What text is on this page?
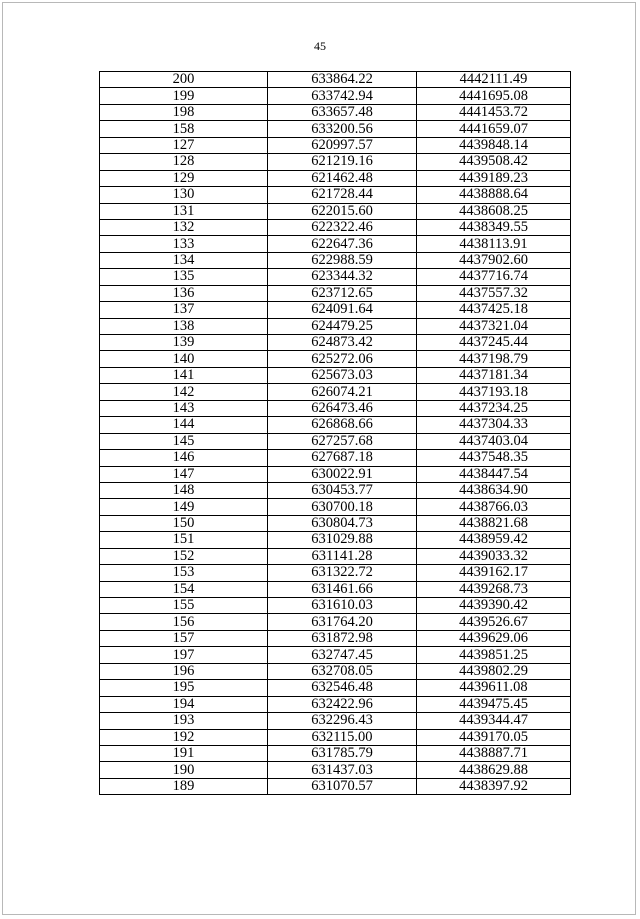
45
200	633864.22	4442111.49
199	633742.94	4441695.08
198	633657.48	4441453.72
158	633200.56	4441659.07
127	620997.57	4439848.14
128	621219.16	4439508.42
129	621462.48	4439189.23
130	621728.44	4438888.64
131	622015.60	4438608.25
132	622322.46	4438349.55
133	622647.36	4438113.91
134	622988.59	4437902.60
135	623344.32	4437716.74
136	623712.65	4437557.32
137	624091.64	4437425.18
138	624479.25	4437321.04
139	624873.42	4437245.44
140	625272.06	4437198.79
141	625673.03	4437181.34
142	626074.21	4437193.18
143	626473.46	4437234.25
144	626868.66	4437304.33
145	627257.68	4437403.04
146	627687.18	4437548.35
147	630022.91	4438447.54
148	630453.77	4438634.90
149	630700.18	4438766.03
150	630804.73	4438821.68
151	631029.88	4438959.42
152	631141.28	4439033.32
153	631322.72	4439162.17
154	631461.66	4439268.73
155	631610.03	4439390.42
156	631764.20	4439526.67
157	631872.98	4439629.06
197	632747.45	4439851.25
196	632708.05	4439802.29
195	632546.48	4439611.08
194	632422.96	4439475.45
193	632296.43	4439344.47
192	632115.00	4439170.05
191	631785.79	4438887.71
190	631437.03	4438629.88
189	631070.57	4438397.92
